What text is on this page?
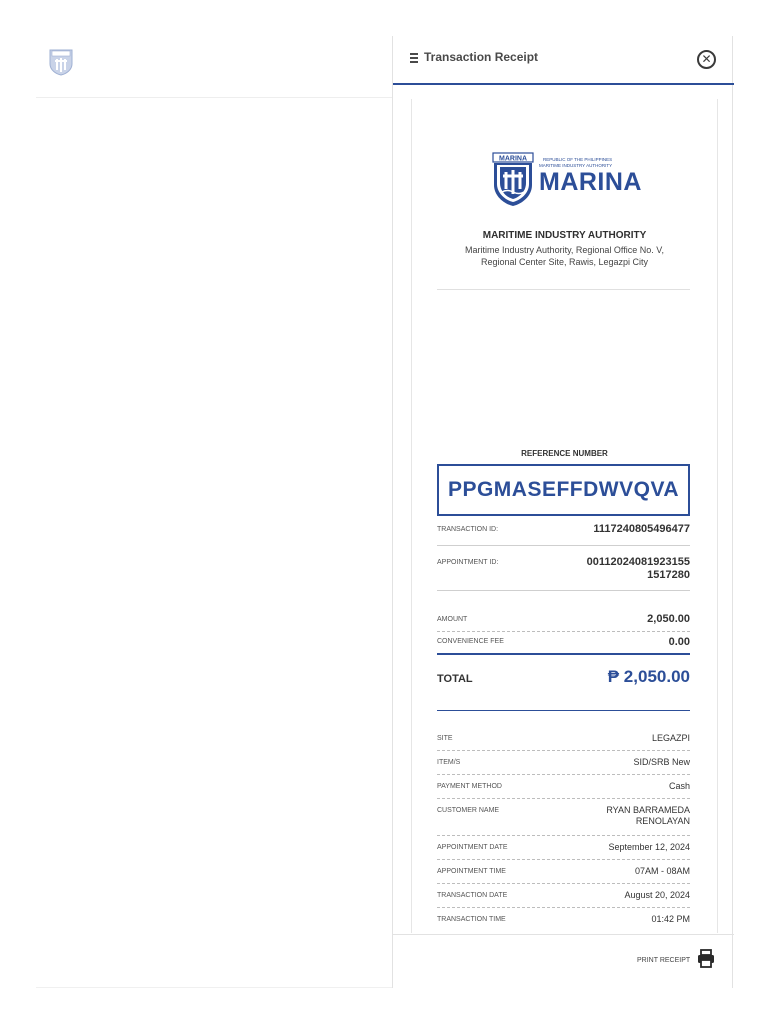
Transaction Receipt	✕
MARINA	REPUBLIC OF THE PHILIPPINES
MARITIME INDUSTRY AUTHORITY
MARINA
MARITIME INDUSTRY AUTHORITY
Maritime Industry Authority, Regional Office No. V,
Regional Center Site, Rawis, Legazpi City
REFERENCE NUMBER
PPGMASEFFDWVQVA
TRANSACTION ID:	1117240805496477
APPOINTMENT ID:	00112024081923155
1517280
AMOUNT	2,050.00
CONVENIENCE FEE	0.00
TOTAL	₱ 2,050.00
SITE	LEGAZPI
ITEM/S	SID/SRB New
PAYMENT METHOD	Cash
CUSTOMER NAME	RYAN BARRAMEDA
RENOLAYAN
APPOINTMENT DATE	September 12, 2024
APPOINTMENT TIME	07AM - 08AM
TRANSACTION DATE	August 20, 2024
TRANSACTION TIME	01:42 PM
PRINT RECEIPT
